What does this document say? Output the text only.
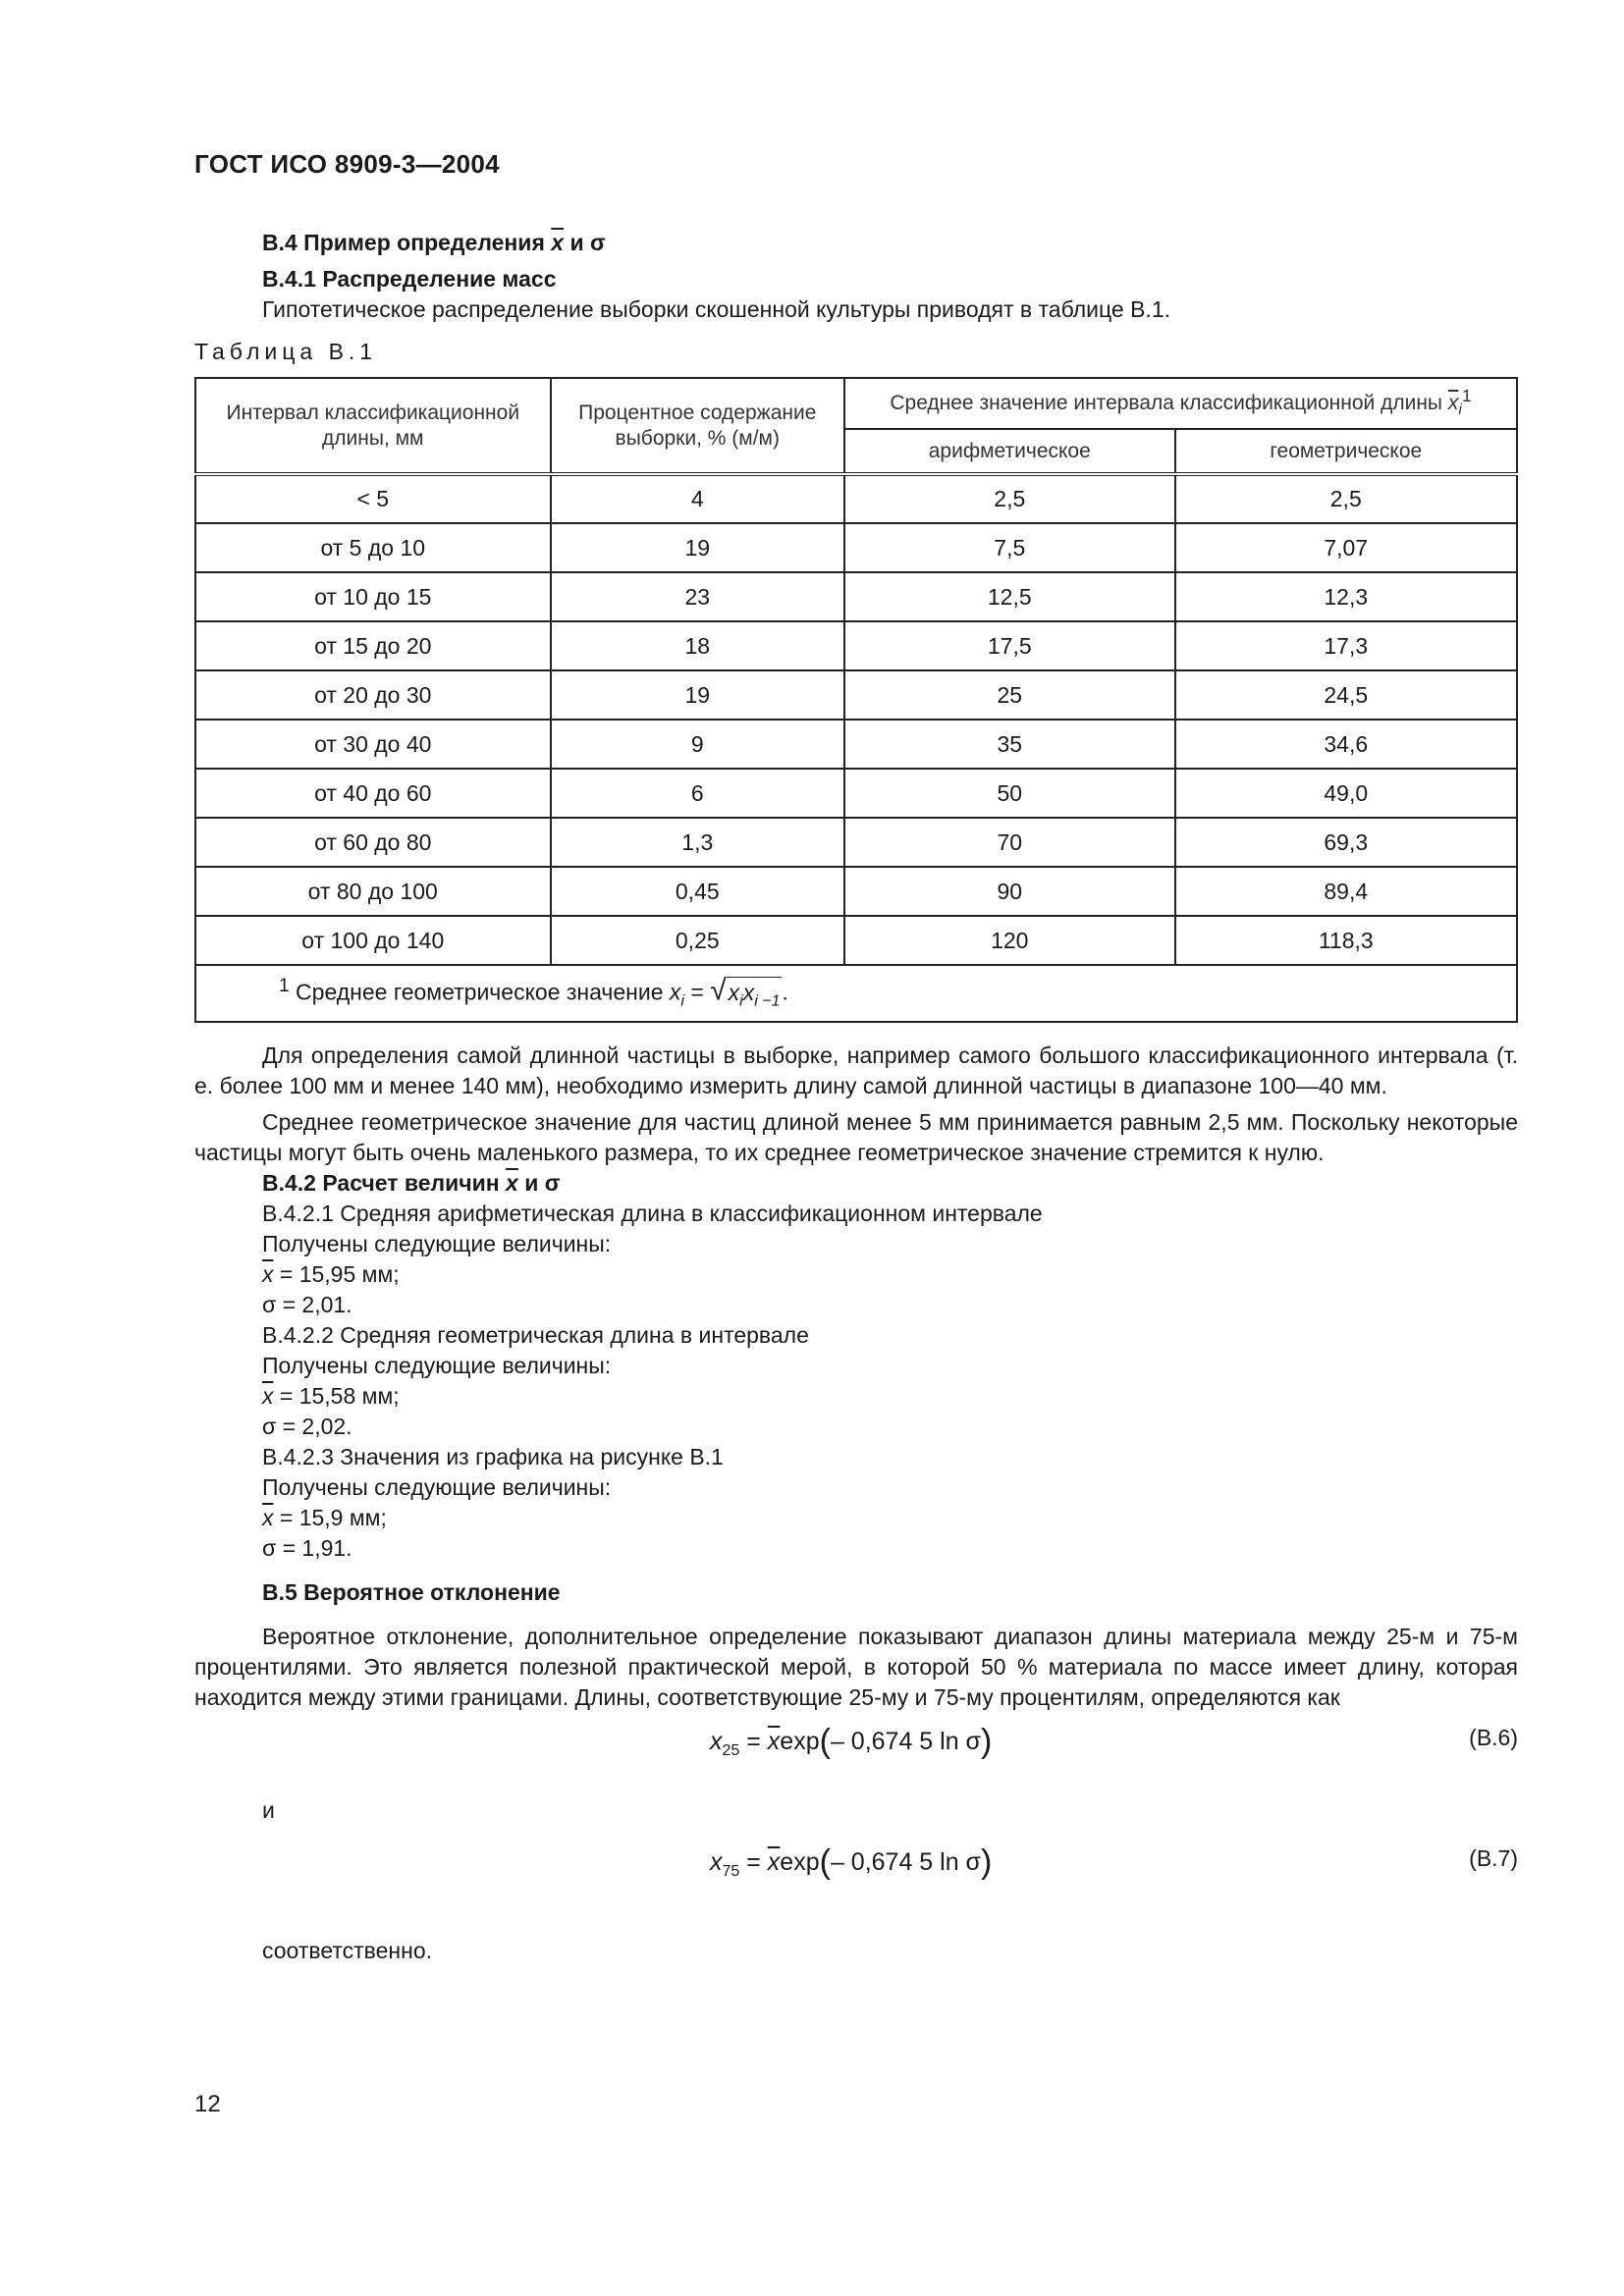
ГОСТ ИСО 8909-3—2004
В.4 Пример определения $\overline{x}$ и σ
В.4.1 Распределение масс
Гипотетическое распределение выборки скошенной культуры приводят в таблице В.1.
Таблица В.1
Интервал классификационной длины, мм	Процентное содержание выборки, % (м/м)	Среднее значение интервала классификационной длины $\overline{x}_i^1$
		арифметическое	геометрическое
< 5	4	2,5	2,5
от 5 до 10	19	7,5	7,07
от 10 до 15	23	12,5	12,3
от 15 до 20	18	17,5	17,3
от 20 до 30	19	25	24,5
от 30 до 40	9	35	34,6
от 40 до 60	6	50	49,0
от 60 до 80	1,3	70	69,3
от 80 до 100	0,45	90	89,4
от 100 до 140	0,25	120	118,3
$^1$ Среднее геометрическое значение $x_i = √x_ix_{i -1}$.			
Для определения самой длинной частицы в выборке, например самого большого классификационного интервала (т. е. более 100 мм и менее 140 мм), необходимо измерить длину самой длинной частицы в диапазоне 100—40 мм.
Среднее геометрическое значение для частиц длиной менее 5 мм принимается равным 2,5 мм. Поскольку некоторые частицы могут быть очень маленького размера, то их среднее геометрическое значение стремится к нулю.
В.4.2 Расчет величин $\overline{x}$ и σ
В.4.2.1 Средняя арифметическая длина в классификационном интервале
Получены следующие величины:
$\overline{x} = 15,95$ мм;
σ = 2,01.
В.4.2.2 Средняя геометрическая длина в интервале
Получены следующие величины:
$\overline{x} = 15,58$ мм;
σ = 2,02.
В.4.2.3 Значения из графика на рисунке В.1
Получены следующие величины:
$\overline{x} = 15,9$ мм;
σ = 1,91.
В.5 Вероятное отклонение
Вероятное отклонение, дополнительное определение показывают диапазон длины материала между 25-м и 75-м процентилями. Это является полезной практической мерой, в которой 50 % материала по массе имеет длину, которая находится между этими границами. Длины, соответствующие 25-му и 75-му процентилям, определяются как
$x_{25} = \overline{x}\exp(-$ 0,674 5 ln σ)	(В.6)
и
$x_{75} = \overline{x}\exp(-$ 0,674 5 ln σ)	(В.7)
соответственно.
12
